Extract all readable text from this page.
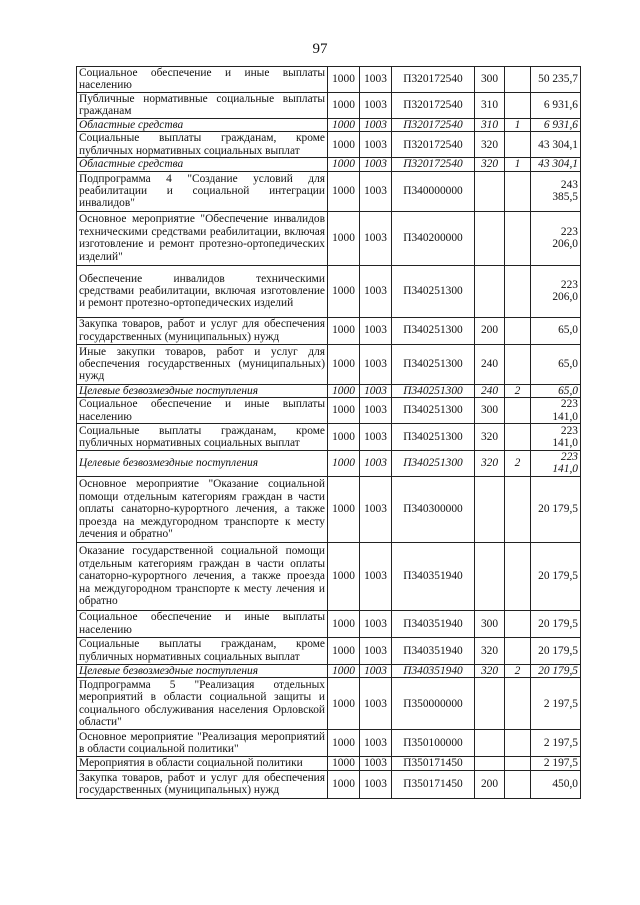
97
Социальное обеспечение и иные выплаты населению	1000	1003	П320172540	300		50 235,7
Публичные нормативные социальные выплаты гражданам	1000	1003	П320172540	310		6 931,6
Областные средства	1000	1003	П320172540	310	1	6 931,6
Социальные выплаты гражданам, кроме публичных нормативных социальных выплат	1000	1003	П320172540	320		43 304,1
Областные средства	1000	1003	П320172540	320	1	43 304,1
Подпрограмма 4 "Создание условий для реабилитации и социальной интеграции инвалидов"	1000	1003	П340000000			243 385,5
Основное мероприятие "Обеспечение инвалидов техническими средствами реабилитации, включая изготовление и ремонт протезно-ортопедических изделий"	1000	1003	П340200000			223 206,0
Обеспечение инвалидов техническими средствами реабилитации, включая изготовление и ремонт протезно-ортопедических изделий	1000	1003	П340251300			223 206,0
Закупка товаров, работ и услуг для обеспечения государственных (муниципальных) нужд	1000	1003	П340251300	200		65,0
Иные закупки товаров, работ и услуг для обеспечения государственных (муниципальных) нужд	1000	1003	П340251300	240		65,0
Целевые безвозмездные поступления	1000	1003	П340251300	240	2	65,0
Социальное обеспечение и иные выплаты населению	1000	1003	П340251300	300		223 141,0
Социальные выплаты гражданам, кроме публичных нормативных социальных выплат	1000	1003	П340251300	320		223 141,0
Целевые безвозмездные поступления	1000	1003	П340251300	320	2	223 141,0
Основное мероприятие "Оказание социальной помощи отдельным категориям граждан в части оплаты санаторно-курортного лечения, а также проезда на междугородном транспорте к месту лечения и обратно"	1000	1003	П340300000			20 179,5
Оказание государственной социальной помощи отдельным категориям граждан в части оплаты санаторно-курортного лечения, а также проезда на междугородном транспорте к месту лечения и обратно	1000	1003	П340351940			20 179,5
Социальное обеспечение и иные выплаты населению	1000	1003	П340351940	300		20 179,5
Социальные выплаты гражданам, кроме публичных нормативных социальных выплат	1000	1003	П340351940	320		20 179,5
Целевые безвозмездные поступления	1000	1003	П340351940	320	2	20 179,5
Подпрограмма 5 "Реализация отдельных мероприятий в области социальной защиты и социального обслуживания населения Орловской области"	1000	1003	П350000000			2 197,5
Основное мероприятие "Реализация мероприятий в области социальной политики"	1000	1003	П350100000			2 197,5
Мероприятия в области социальной политики	1000	1003	П350171450			2 197,5
Закупка товаров, работ и услуг для обеспечения государственных (муниципальных) нужд	1000	1003	П350171450	200		450,0
